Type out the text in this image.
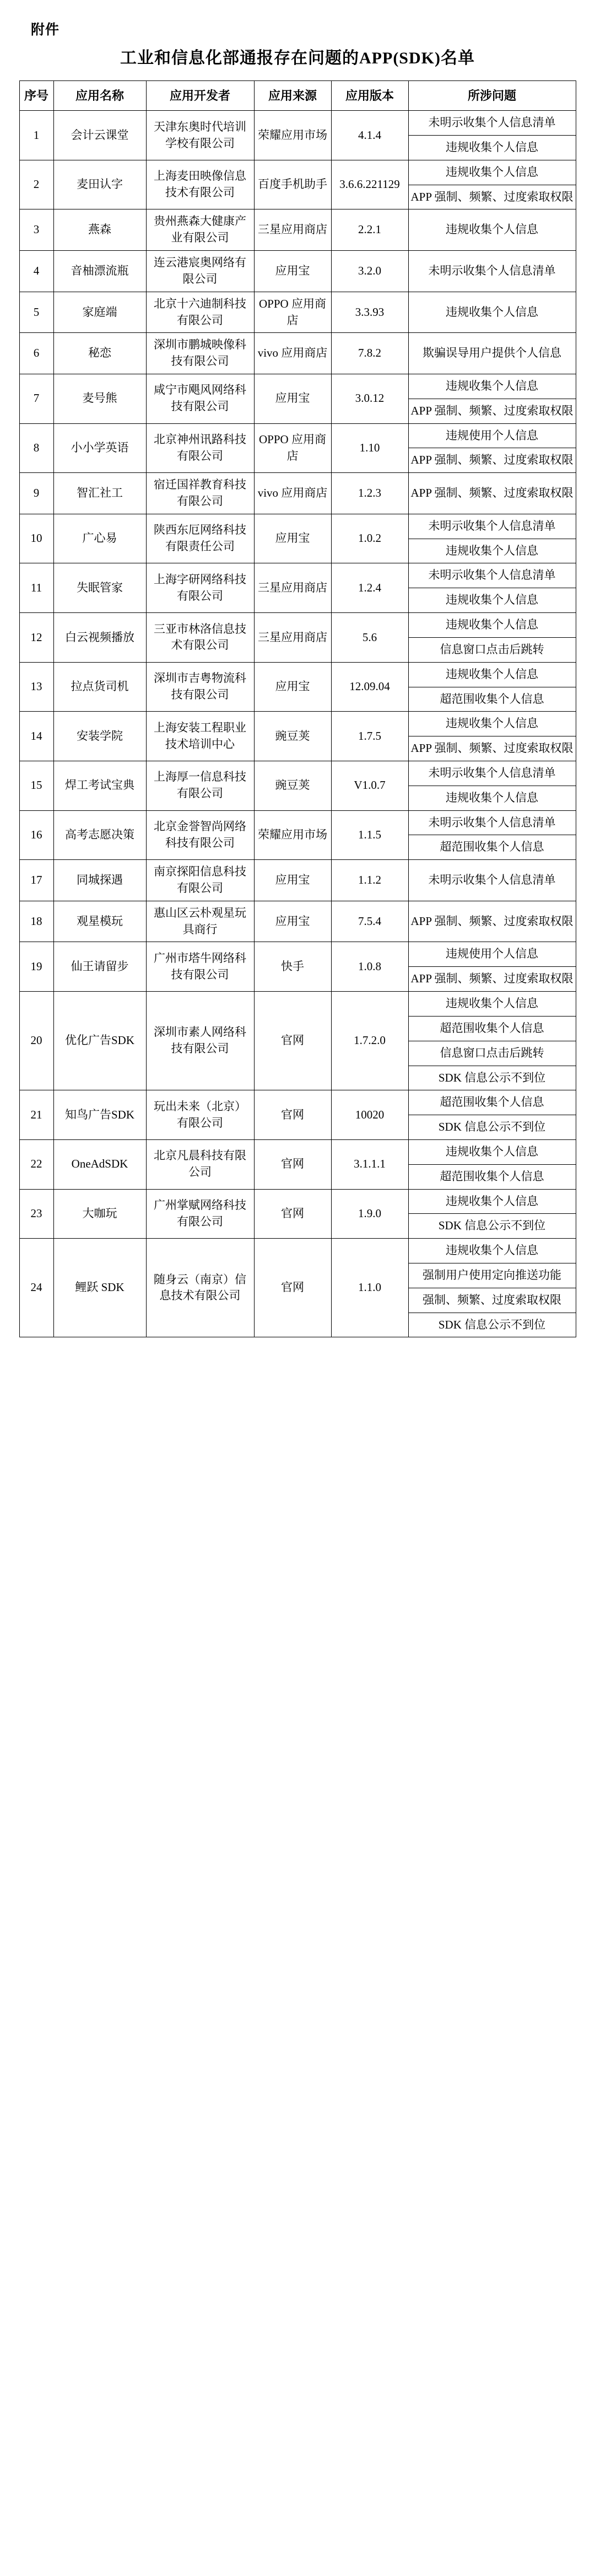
附件
工业和信息化部通报存在问题的APP(SDK)名单
序号	应用名称	应用开发者	应用来源	应用版本	所涉问题
1	会计云课堂	天津东奥时代培训学校有限公司	荣耀应用市场	4.1.4	未明示收集个人信息清单
					违规收集个人信息
2	麦田认字	上海麦田映像信息技术有限公司	百度手机助手	3.6.6.221129	违规收集个人信息
					APP 强制、频繁、过度索取权限
3	燕森	贵州燕森大健康产业有限公司	三星应用商店	2.2.1	违规收集个人信息
4	音柚漂流瓶	连云港宸奥网络有限公司	应用宝	3.2.0	未明示收集个人信息清单
5	家庭端	北京十六迪制科技有限公司	OPPO 应用商店	3.3.93	违规收集个人信息
6	秘恋	深圳市鹏城映像科技有限公司	vivo 应用商店	7.8.2	欺骗误导用户提供个人信息
7	麦号熊	咸宁市飓风网络科技有限公司	应用宝	3.0.12	违规收集个人信息
					APP 强制、频繁、过度索取权限
8	小小学英语	北京神州讯路科技有限公司	OPPO 应用商店	1.10	违规使用个人信息
					APP 强制、频繁、过度索取权限
9	智汇社工	宿迁国祥教育科技有限公司	vivo 应用商店	1.2.3	APP 强制、频繁、过度索取权限
10	广心易	陕西东厄网络科技有限责任公司	应用宝	1.0.2	未明示收集个人信息清单
					违规收集个人信息
11	失眠管家	上海字研网络科技有限公司	三星应用商店	1.2.4	未明示收集个人信息清单
					违规收集个人信息
12	白云视频播放	三亚市林洛信息技术有限公司	三星应用商店	5.6	违规收集个人信息
					信息窗口点击后跳转
13	拉点货司机	深圳市吉粤物流科技有限公司	应用宝	12.09.04	违规收集个人信息
					超范围收集个人信息
14	安装学院	上海安装工程职业技术培训中心	豌豆荚	1.7.5	违规收集个人信息
					APP 强制、频繁、过度索取权限
15	焊工考试宝典	上海厚一信息科技有限公司	豌豆荚	V1.0.7	未明示收集个人信息清单
					违规收集个人信息
16	高考志愿决策	北京金誉智尚网络科技有限公司	荣耀应用市场	1.1.5	未明示收集个人信息清单
					超范围收集个人信息
17	同城探遇	南京探阳信息科技有限公司	应用宝	1.1.2	未明示收集个人信息清单
18	观星模玩	惠山区云朴观星玩具商行	应用宝	7.5.4	APP 强制、频繁、过度索取权限
19	仙王请留步	广州市塔牛网络科技有限公司	快手	1.0.8	违规使用个人信息
					APP 强制、频繁、过度索取权限
20	优化广告SDK	深圳市素人网络科技有限公司	官网	1.7.2.0	违规收集个人信息
					超范围收集个人信息
					信息窗口点击后跳转
					SDK 信息公示不到位
21	知鸟广告SDK	玩出未来（北京）有限公司	官网	10020	超范围收集个人信息
					SDK 信息公示不到位
22	OneAdSDK	北京凡晨科技有限公司	官网	3.1.1.1	违规收集个人信息
					超范围收集个人信息
23	大咖玩	广州掌赋网络科技有限公司	官网	1.9.0	违规收集个人信息
					SDK 信息公示不到位
24	鲤跃 SDK	随身云（南京）信息技术有限公司	官网	1.1.0	违规收集个人信息
					强制用户使用定向推送功能
					强制、频繁、过度索取权限
					SDK 信息公示不到位
